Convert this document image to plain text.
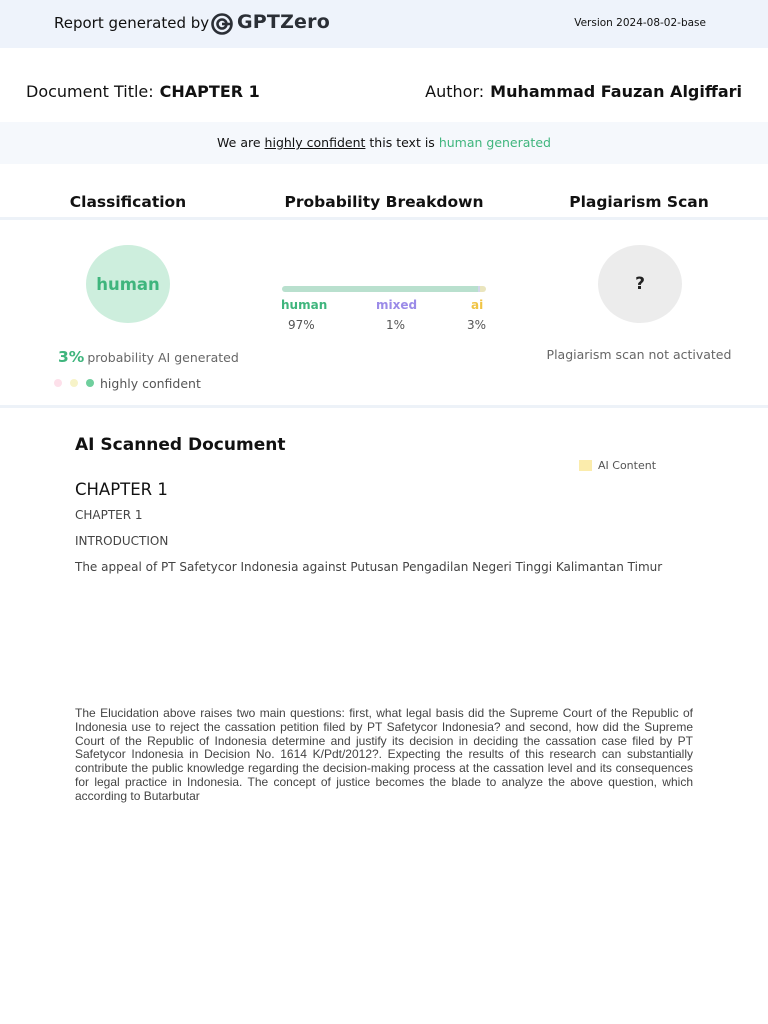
Report generated by GPTZero	Version 2024-08-02-base
Document Title: CHAPTER 1	Author: Muhammad Fauzan Algiffari
We are highly confident this text is human generated
Classification	Probability Breakdown	Plagiarism Scan
human
3% probability AI generated
highly confident
human	mixed	ai
97%	1%	3%
?
Plagiarism scan not activated
AI Scanned Document
AI Content
CHAPTER 1
CHAPTER 1
INTRODUCTION
The appeal of PT Safetycor Indonesia against Putusan Pengadilan Negeri Tinggi Kalimantan Timur
The Elucidation above raises two main questions: first, what legal basis did the Supreme Court of the Republic of Indonesia use to reject the cassation petition filed by PT Safetycor Indonesia? and second, how did the Supreme Court of the Republic of Indonesia determine and justify its decision in deciding the cassation case filed by PT Safetycor Indonesia in Decision No. 1614 K/Pdt/2012?. Expecting the results of this research can substantially contribute the public knowledge regarding the decision-making process at the cassation level and its consequences for legal practice in Indonesia. The concept of justice becomes the blade to analyze the above question, which according to Butarbutar
